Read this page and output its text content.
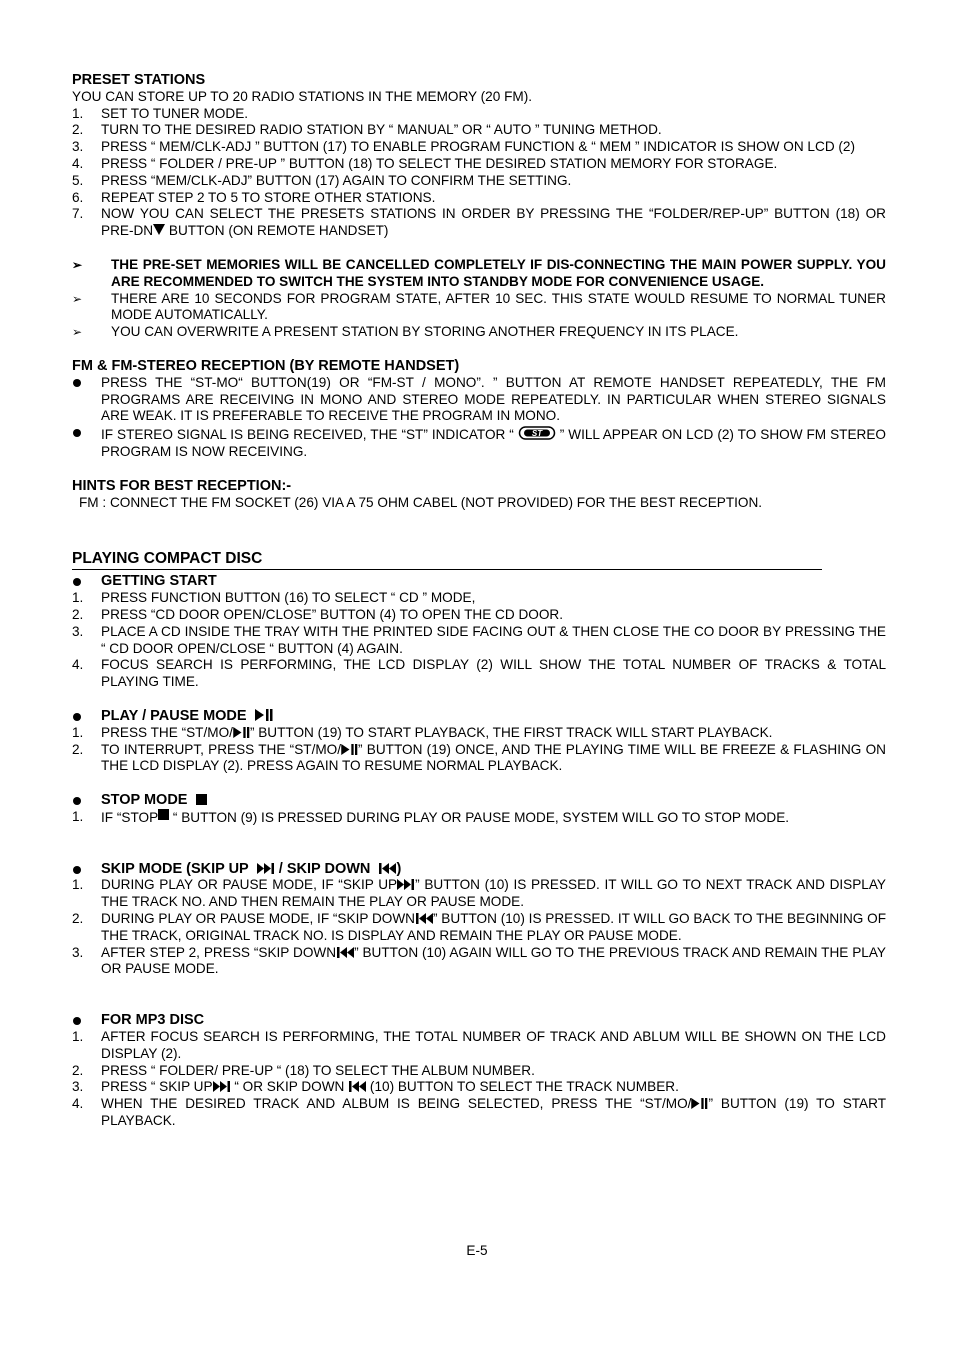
PRESET STATIONS

YOU CAN STORE UP TO 20 RADIO STATIONS IN THE MEMORY (20 FM).

1. SET TO TUNER MODE.
2. TURN TO THE DESIRED RADIO STATION BY “ MANUAL” OR “ AUTO ” TUNING METHOD.
3. PRESS “ MEM/CLK-ADJ ” BUTTON (17) TO ENABLE PROGRAM FUNCTION & “ MEM ” INDICATOR IS SHOW ON LCD (2)
4. PRESS “ FOLDER / PRE-UP ” BUTTON (18) TO SELECT THE DESIRED STATION MEMORY FOR STORAGE.
5. PRESS “MEM/CLK-ADJ” BUTTON (17) AGAIN TO CONFIRM THE SETTING.
6. REPEAT STEP 2 TO 5 TO STORE OTHER STATIONS.
7. NOW YOU CAN SELECT THE PRESETS STATIONS IN ORDER BY PRESSING THE “FOLDER/REP-UP” BUTTON (18) OR PRE-DN BUTTON (ON REMOTE HANDSET)
➢ THE PRE-SET MEMORIES WILL BE CANCELLED COMPLETELY IF DIS-CONNECTING THE MAIN POWER SUPPLY. YOU ARE RECOMMENDED TO SWITCH THE SYSTEM INTO STANDBY MODE FOR CONVENIENCE USAGE.
➢ THERE ARE 10 SECONDS FOR PROGRAM STATE, AFTER 10 SEC. THIS STATE WOULD RESUME TO NORMAL TUNER MODE AUTOMATICALLY.
➢ YOU CAN OVERWRITE A PRESENT STATION BY STORING ANOTHER FREQUENCY IN ITS PLACE.

FM & FM-STEREO RECEPTION (BY REMOTE HANDSET)

PRESS THE “ST-MO“ BUTTON(19) OR “FM-ST / MONO”. ” BUTTON AT REMOTE HANDSET REPEATEDLY, THE FM PROGRAMS ARE RECEIVING IN MONO AND STEREO MODE REPEATEDLY. IN PARTICULAR WHEN STEREO SIGNALS ARE WEAK. IT IS PREFERABLE TO RECEIVE THE PROGRAM IN MONO.
IF STEREO SIGNAL IS BEING RECEIVED, THE “ST” INDICATOR “ ST ” WILL APPEAR ON LCD (2) TO SHOW FM STEREO PROGRAM IS NOW RECEIVING.

HINTS FOR BEST RECEPTION:-

FM : CONNECT THE FM SOCKET (26) VIA A 75 OHM CABEL (NOT PROVIDED) FOR THE BEST RECEPTION.

PLAYING COMPACT DISC

GETTING START
1. PRESS FUNCTION BUTTON (16) TO SELECT “ CD ” MODE,
2. PRESS “CD DOOR OPEN/CLOSE” BUTTON (4) TO OPEN THE CD DOOR.
3. PLACE A CD INSIDE THE TRAY WITH THE PRINTED SIDE FACING OUT & THEN CLOSE THE CO DOOR BY PRESSING THE “ CD DOOR OPEN/CLOSE “ BUTTON (4) AGAIN.
4. FOCUS SEARCH IS PERFORMING, THE LCD DISPLAY (2) WILL SHOW THE TOTAL NUMBER OF TRACKS & TOTAL PLAYING TIME.
PLAY / PAUSE MODE
1. PRESS THE “ST/MO/ ” BUTTON (19) TO START PLAYBACK, THE FIRST TRACK WILL START PLAYBACK.
2. TO INTERRUPT, PRESS THE “ST/MO/ ” BUTTON (19) ONCE, AND THE PLAYING TIME WILL BE FREEZE & FLASHING ON THE LCD DISPLAY (2). PRESS AGAIN TO RESUME NORMAL PLAYBACK.
STOP MODE
1. IF “STOP “ BUTTON (9) IS PRESSED DURING PLAY OR PAUSE MODE, SYSTEM WILL GO TO STOP MODE.
SKIP MODE (SKIP UP   / SKIP DOWN )
1. DURING PLAY OR PAUSE MODE, IF “SKIP UP ” BUTTON (10) IS PRESSED. IT WILL GO TO NEXT TRACK AND DISPLAY THE TRACK NO. AND THEN REMAIN THE PLAY OR PAUSE MODE.
2. DURING PLAY OR PAUSE MODE, IF “SKIP DOWN ” BUTTON (10) IS PRESSED. IT WILL GO BACK TO THE BEGINNING OF THE TRACK, ORIGINAL TRACK NO. IS DISPLAY AND REMAIN THE PLAY OR PAUSE MODE.
3. AFTER STEP 2, PRESS “SKIP DOWN ” BUTTON (10) AGAIN WILL GO TO THE PREVIOUS TRACK AND REMAIN THE PLAY OR PAUSE MODE.
FOR MP3 DISC
1. AFTER FOCUS SEARCH IS PERFORMING, THE TOTAL NUMBER OF TRACK AND ABLUM WILL BE SHOWN ON THE LCD DISPLAY (2).
2. PRESS “ FOLDER/ PRE-UP “ (18) TO SELECT THE ALBUM NUMBER.
3. PRESS “ SKIP UP “ OR SKIP DOWN  (10) BUTTON TO SELECT THE TRACK NUMBER.
4. WHEN THE DESIRED TRACK AND ALBUM IS BEING SELECTED, PRESS THE “ST/MO/ ” BUTTON (19) TO START PLAYBACK.
E-5
